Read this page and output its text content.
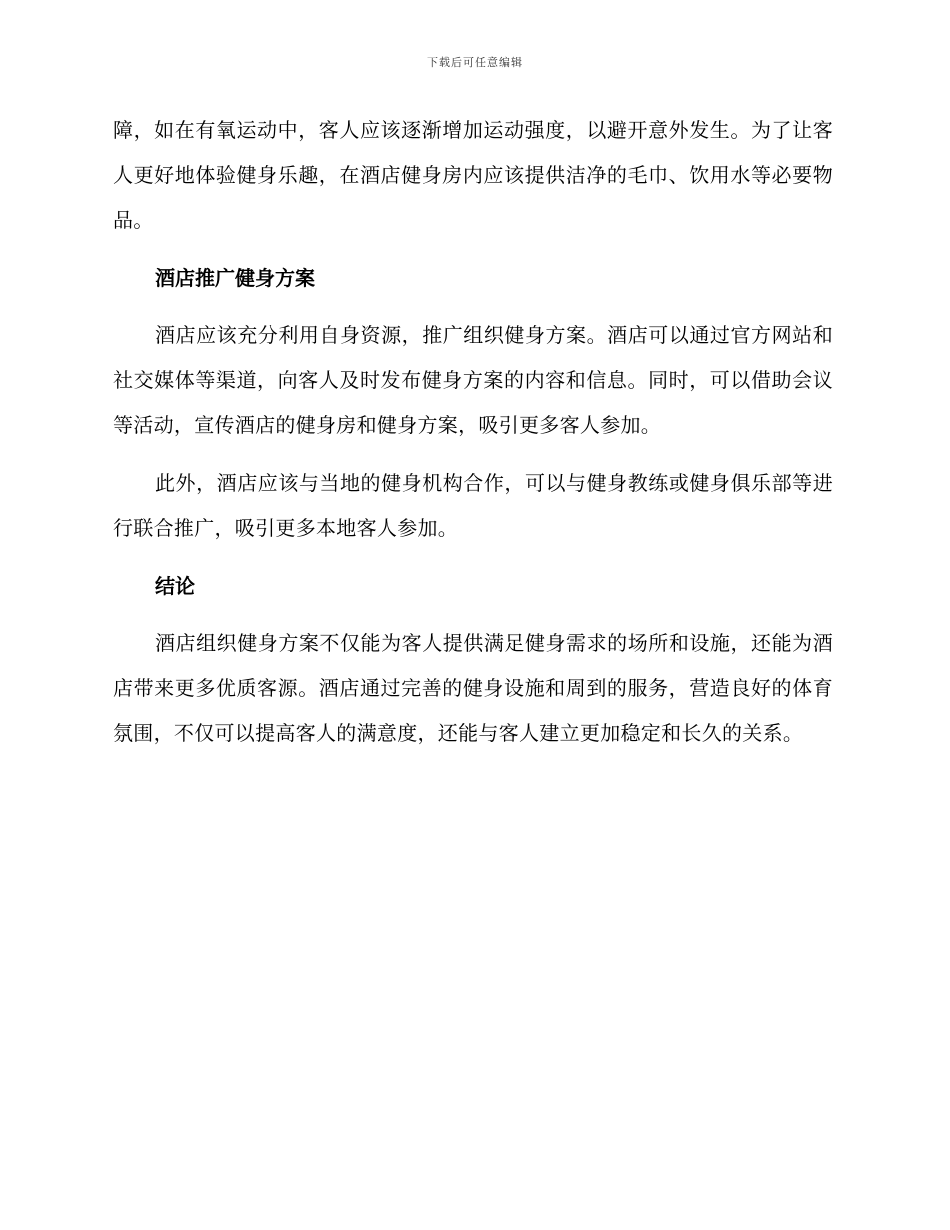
下载后可任意编辑

障，如在有氧运动中，客人应该逐渐增加运动强度，以避开意外发生。为了让客人更好地体验健身乐趣，在酒店健身房内应该提供洁净的毛巾、饮用水等必要物品。

酒店推广健身方案

酒店应该充分利用自身资源，推广组织健身方案。酒店可以通过官方网站和社交媒体等渠道，向客人及时发布健身方案的内容和信息。同时，可以借助会议等活动，宣传酒店的健身房和健身方案，吸引更多客人参加。

此外，酒店应该与当地的健身机构合作，可以与健身教练或健身俱乐部等进行联合推广，吸引更多本地客人参加。

结论

酒店组织健身方案不仅能为客人提供满足健身需求的场所和设施，还能为酒店带来更多优质客源。酒店通过完善的健身设施和周到的服务，营造良好的体育氛围，不仅可以提高客人的满意度，还能与客人建立更加稳定和长久的关系。
